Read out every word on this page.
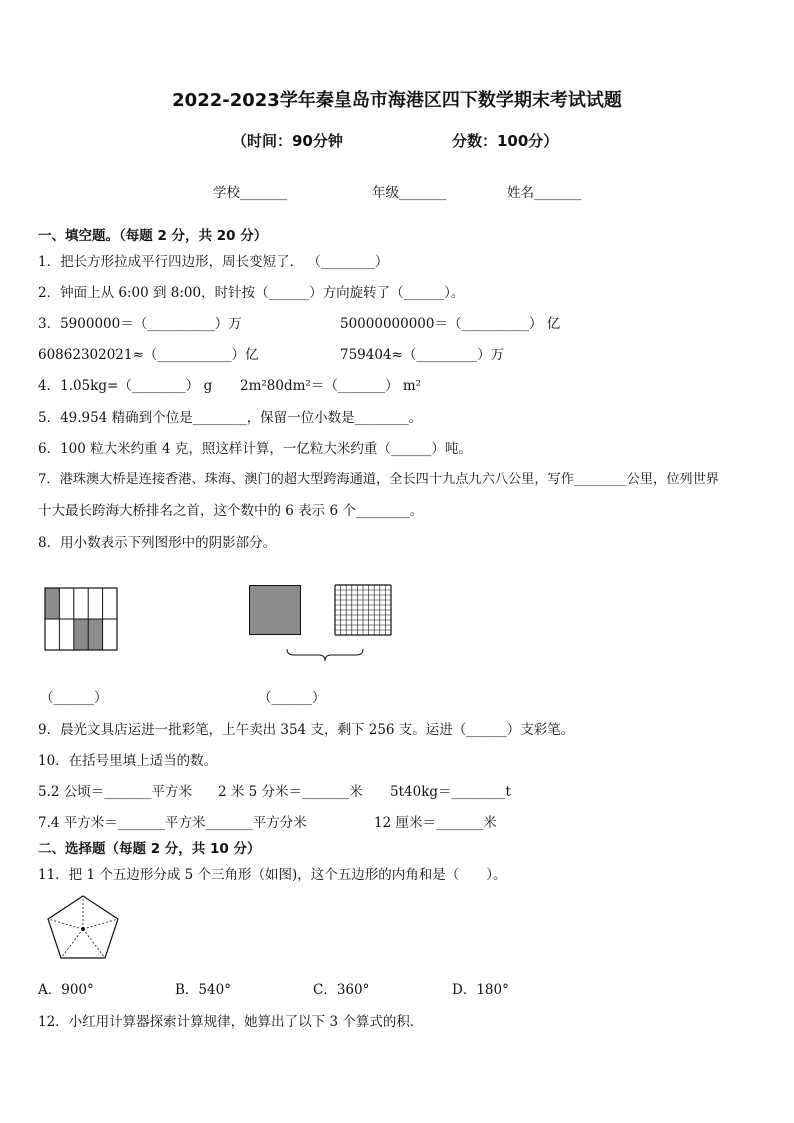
2022-2023学年秦皇岛市海港区四下数学期末考试试题
（时间：90分钟	分数：100分）
学校_______	年级_______	姓名_______
一、填空题。（每题 2 分，共 20 分）
1．把长方形拉成平行四边形，周长变短了． （________）
2．钟面上从 6:00 到 8:00，时针按（______）方向旋转了（______）。
3．5900000＝（__________）万	50000000000＝（__________） 亿
60862302021≈（___________）亿	759404≈（_________）万
4．1.05kg=（________） g 2m²80dm²＝（_______） m²
5．49.954 精确到个位是________，保留一位小数是________。
6．100 粒大米约重 4 克，照这样计算，一亿粒大米约重（______）吨。
7．港珠澳大桥是连接香港、珠海、澳门的超大型跨海通道，全长四十九点九六八公里，写作________公里，位列世界
十大最长跨海大桥排名之首，这个数中的 6 表示 6 个________。
8．用小数表示下列图形中的阴影部分。
（______）	（______）
9．晨光文具店运进一批彩笔，上午卖出 354 支，剩下 256 支。运进（______）支彩笔。
10．在括号里填上适当的数。
5.2 公顷＝_______平方米 2 米 5 分米＝_______米 5t40kg＝________t
7.4 平方米＝_______平方米_______平方分米	12 厘米＝_______米
二、选择题（每题 2 分，共 10 分）
11．把 1 个五边形分成 5 个三角形（如图)，这个五边形的内角和是（　　）。
A．900°	B．540°	C．360°	D．180°
12．小红用计算器探索计算规律，她算出了以下 3 个算式的积．
